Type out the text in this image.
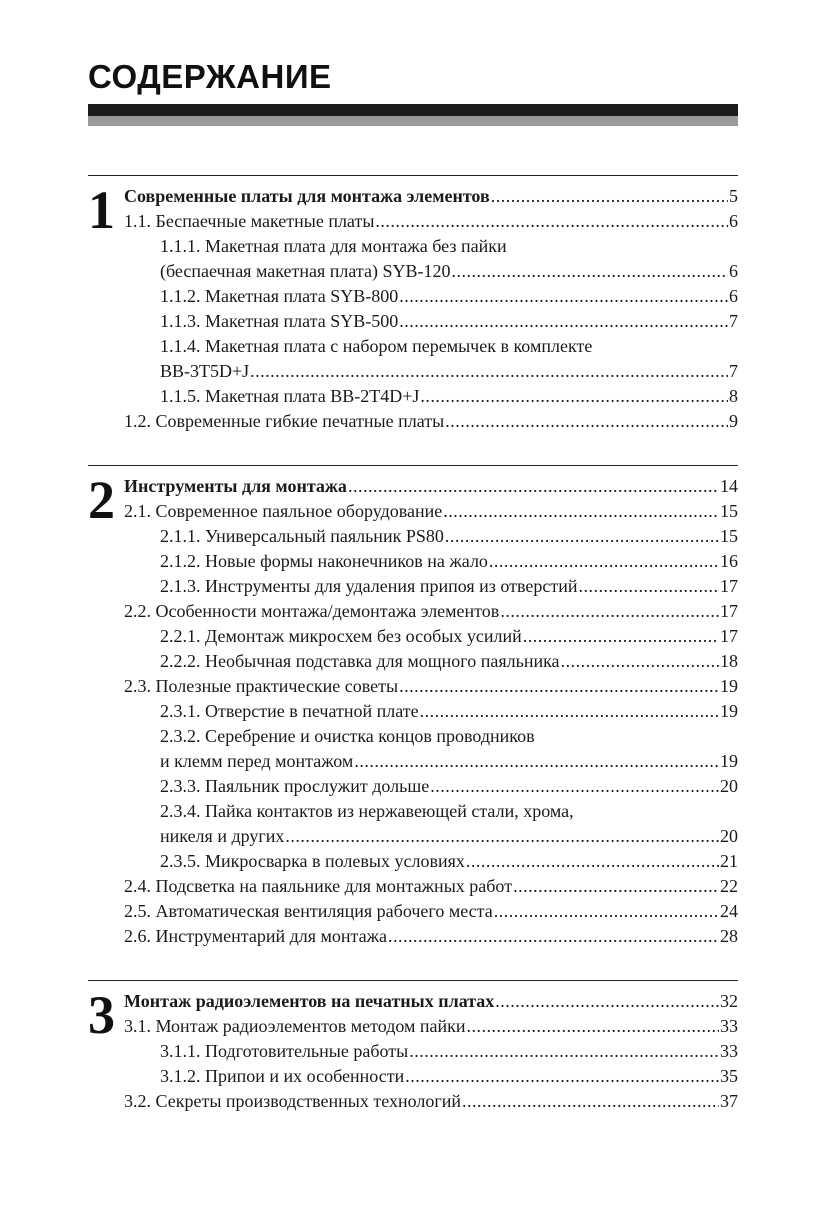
СОДЕРЖАНИЕ
1 Современные платы для монтажа элементов .....	5
1.1. Беспаечные макетные платы .....	6
1.1.1. Макетная плата для монтажа без пайки
(беспаечная макетная плата) SYB-120 .....	6
1.1.2. Макетная плата SYB-800 .....	6
1.1.3. Макетная плата SYB-500 .....	7
1.1.4. Макетная плата с набором перемычек в комплекте
BB-3T5D+J .....	7
1.1.5. Макетная плата BB-2T4D+J .....	8
1.2. Современные гибкие печатные платы .....	9
2 Инструменты для монтажа .....	14
2.1. Современное паяльное оборудование .....	15
2.1.1. Универсальный паяльник PS80 .....	15
2.1.2. Новые формы наконечников на жало .....	16
2.1.3. Инструменты для удаления припоя из отверстий .....	17
2.2. Особенности монтажа/демонтажа элементов .....	17
2.2.1. Демонтаж микросхем без особых усилий .....	17
2.2.2. Необычная подставка для мощного паяльника .....	18
2.3. Полезные практические советы .....	19
2.3.1. Отверстие в печатной плате .....	19
2.3.2. Серебрение и очистка концов проводников
и клемм перед монтажом .....	19
2.3.3. Паяльник прослужит дольше .....	20
2.3.4. Пайка контактов из нержавеющей стали, хрома,
никеля и других .....	20
2.3.5. Микросварка в полевых условиях .....	21
2.4. Подсветка на паяльнике для монтажных работ .....	22
2.5. Автоматическая вентиляция рабочего места .....	24
2.6. Инструментарий для монтажа .....	28
3 Монтаж радиоэлементов на печатных платах .....	32
3.1. Монтаж радиоэлементов методом пайки .....	33
3.1.1. Подготовительные работы .....	33
3.1.2. Припои и их особенности .....	35
3.2. Секреты производственных технологий .....	37
